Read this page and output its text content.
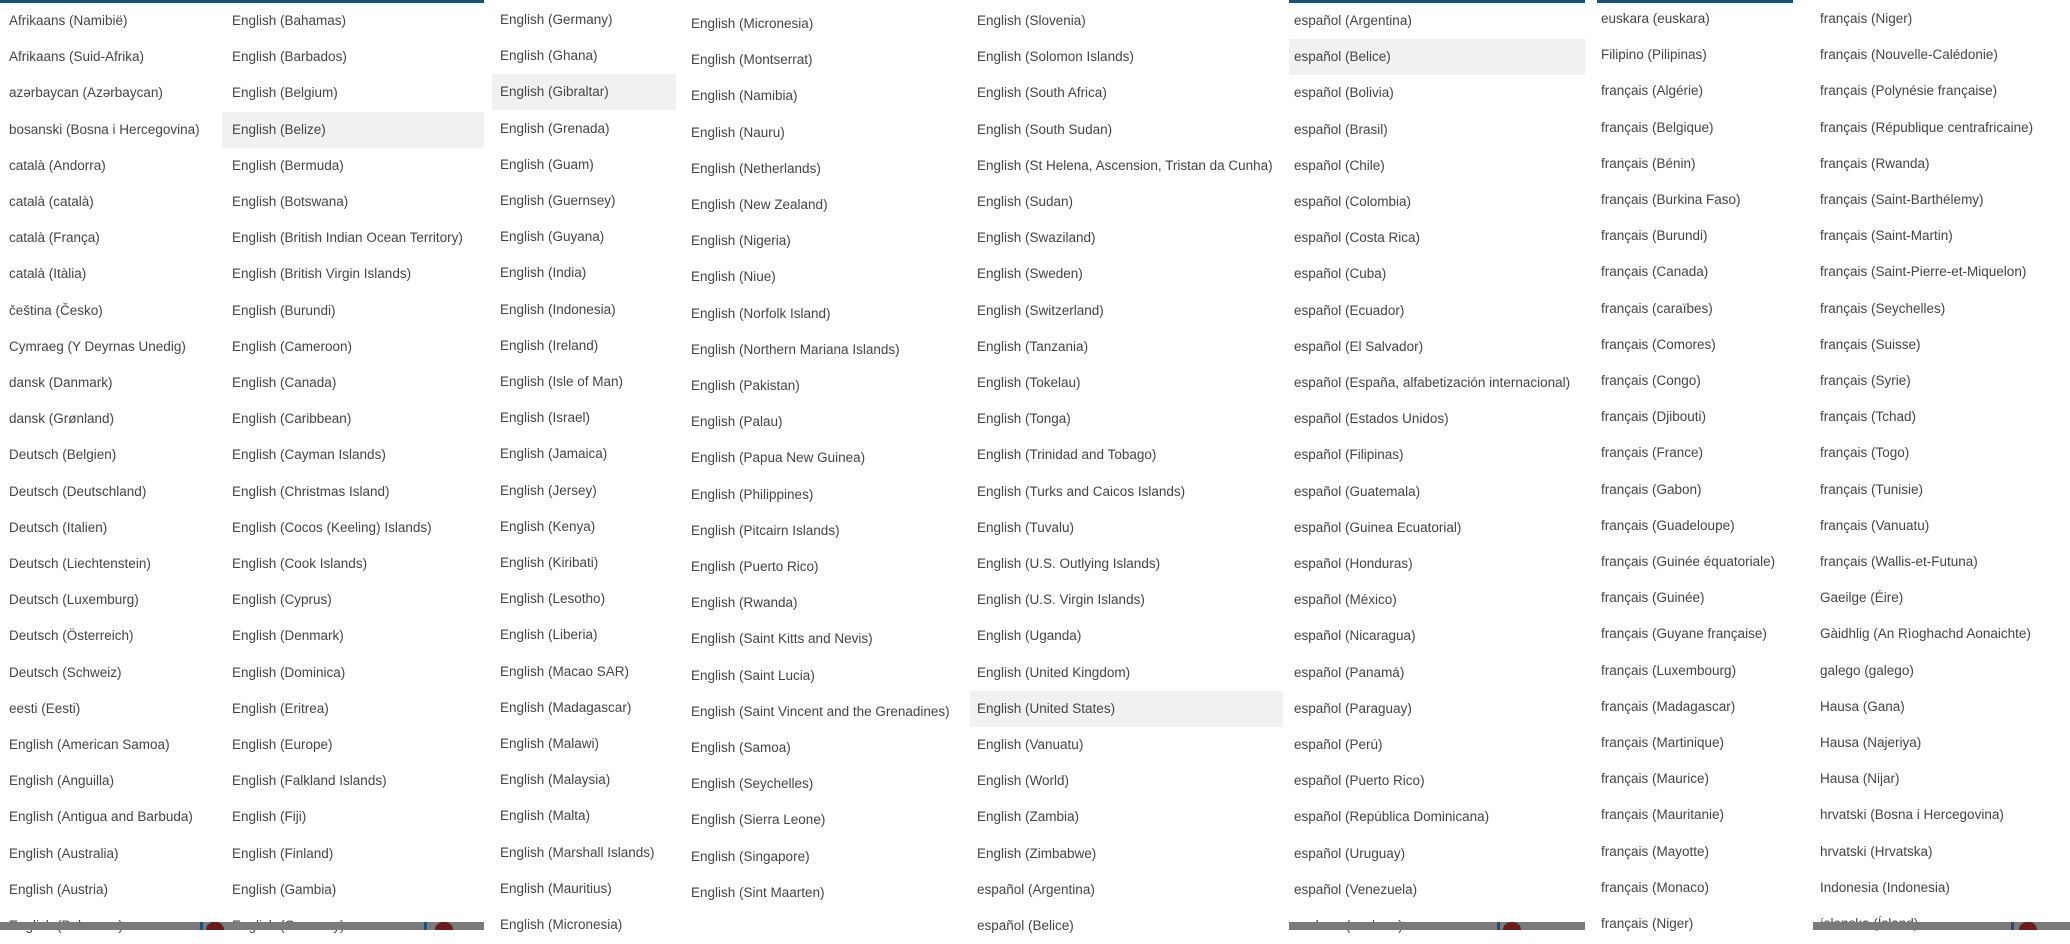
Afrikaans (Namibië)
Afrikaans (Suid-Afrika)
azərbaycan (Azərbaycan)
bosanski (Bosna i Hercegovina)
català (Andorra)
català (català)
català (França)
català (Itàlia)
čeština (Česko)
Cymraeg (Y Deyrnas Unedig)
dansk (Danmark)
dansk (Grønland)
Deutsch (Belgien)
Deutsch (Deutschland)
Deutsch (Italien)
Deutsch (Liechtenstein)
Deutsch (Luxemburg)
Deutsch (Österreich)
Deutsch (Schweiz)
eesti (Eesti)
English (American Samoa)
English (Anguilla)
English (Antigua and Barbuda)
English (Australia)
English (Austria)
English (Bahamas)
English (Barbados)
English (Belgium)
English (Belize)
English (Bermuda)
English (Botswana)
English (British Indian Ocean Territory)
English (British Virgin Islands)
English (Burundi)
English (Cameroon)
English (Canada)
English (Caribbean)
English (Cayman Islands)
English (Christmas Island)
English (Cocos (Keeling) Islands)
English (Cook Islands)
English (Cyprus)
English (Denmark)
English (Dominica)
English (Eritrea)
English (Europe)
English (Falkland Islands)
English (Fiji)
English (Finland)
English (Gambia)
English (Germany)
English (Ghana)
English (Gibraltar)
English (Grenada)
English (Guam)
English (Guernsey)
English (Guyana)
English (India)
English (Indonesia)
English (Ireland)
English (Isle of Man)
English (Israel)
English (Jamaica)
English (Jersey)
English (Kenya)
English (Kiribati)
English (Lesotho)
English (Liberia)
English (Macao SAR)
English (Madagascar)
English (Malawi)
English (Malaysia)
English (Malta)
English (Marshall Islands)
English (Mauritius)
English (Micronesia)
English (Micronesia)
English (Montserrat)
English (Namibia)
English (Nauru)
English (Netherlands)
English (New Zealand)
English (Nigeria)
English (Niue)
English (Norfolk Island)
English (Northern Mariana Islands)
English (Pakistan)
English (Palau)
English (Papua New Guinea)
English (Philippines)
English (Pitcairn Islands)
English (Puerto Rico)
English (Rwanda)
English (Saint Kitts and Nevis)
English (Saint Lucia)
English (Saint Vincent and the Grenadines)
English (Samoa)
English (Seychelles)
English (Sierra Leone)
English (Singapore)
English (Sint Maarten)
English (Slovenia)
English (Solomon Islands)
English (South Africa)
English (South Sudan)
English (St Helena, Ascension, Tristan da Cunha)
English (Sudan)
English (Swaziland)
English (Sweden)
English (Switzerland)
English (Tanzania)
English (Tokelau)
English (Tonga)
English (Trinidad and Tobago)
English (Turks and Caicos Islands)
English (Tuvalu)
English (U.S. Outlying Islands)
English (U.S. Virgin Islands)
English (Uganda)
English (United Kingdom)
English (United States)
English (Vanuatu)
English (World)
English (Zambia)
English (Zimbabwe)
español (Argentina)
español (Belice)
español (Argentina)
español (Belice)
español (Bolivia)
español (Brasil)
español (Chile)
español (Colombia)
español (Costa Rica)
español (Cuba)
español (Ecuador)
español (El Salvador)
español (España, alfabetización internacional)
español (Estados Unidos)
español (Filipinas)
español (Guatemala)
español (Guinea Ecuatorial)
español (Honduras)
español (México)
español (Nicaragua)
español (Panamá)
español (Paraguay)
español (Perú)
español (Puerto Rico)
español (República Dominicana)
español (Uruguay)
español (Venezuela)
euskara (euskara)
Filipino (Pilipinas)
français (Algérie)
français (Belgique)
français (Bénin)
français (Burkina Faso)
français (Burundi)
français (Canada)
français (caraïbes)
français (Comores)
français (Congo)
français (Djibouti)
français (France)
français (Gabon)
français (Guadeloupe)
français (Guinée équatoriale)
français (Guinée)
français (Guyane française)
français (Luxembourg)
français (Madagascar)
français (Martinique)
français (Maurice)
français (Mauritanie)
français (Mayotte)
français (Monaco)
français (Niger)
français (Niger)
français (Nouvelle-Calédonie)
français (Polynésie française)
français (République centrafricaine)
français (Rwanda)
français (Saint-Barthélemy)
français (Saint-Martin)
français (Saint-Pierre-et-Miquelon)
français (Seychelles)
français (Suisse)
français (Syrie)
français (Tchad)
français (Togo)
français (Tunisie)
français (Vanuatu)
français (Wallis-et-Futuna)
Gaeilge (Éire)
Gàidhlig (An Rìoghachd Aonaichte)
galego (galego)
Hausa (Gana)
Hausa (Najeriya)
Hausa (Nijar)
hrvatski (Bosna i Hercegovina)
hrvatski (Hrvatska)
Indonesia (Indonesia)
